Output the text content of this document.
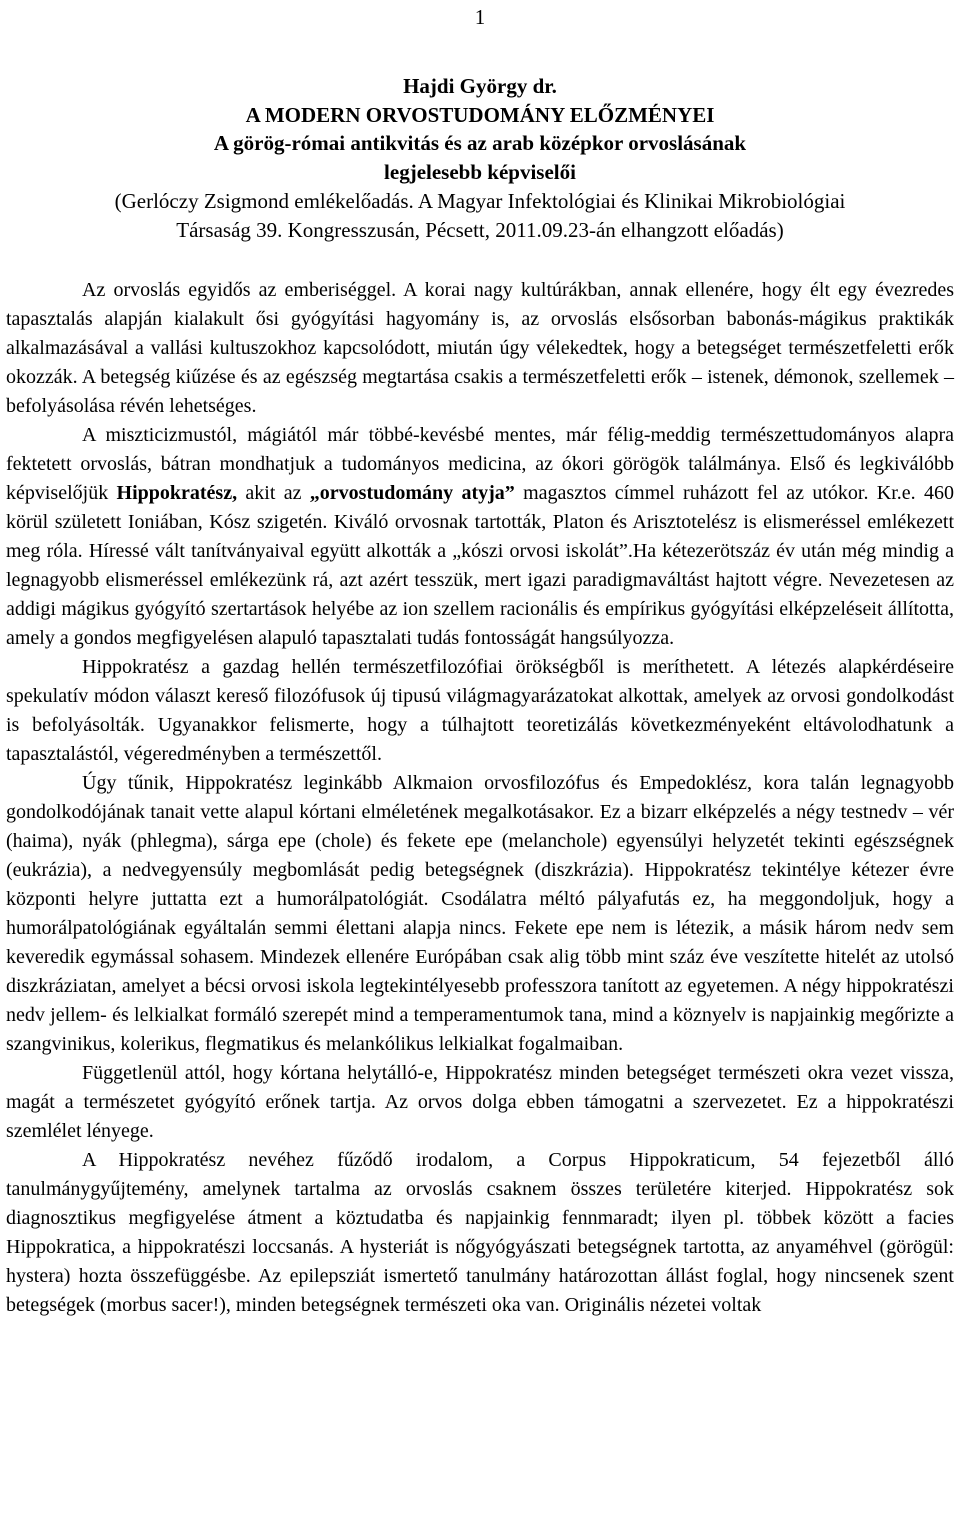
1
Hajdi György dr.
A MODERN ORVOSTUDOMÁNY ELŐZMÉNYEI
A görög-római antikvitás és az arab középkor orvoslásának
legjelesebb képviselői
(Gerlóczy Zsigmond emlékelőadás. A Magyar Infektológiai és Klinikai Mikrobiológiai
Társaság 39. Kongresszusán, Pécsett, 2011.09.23-án elhangzott előadás)

Az orvoslás egyidős az emberiséggel. A korai nagy kultúrákban, annak ellenére, hogy élt egy évezredes tapasztalás alapján kialakult ősi gyógyítási hagyomány is, az orvoslás elsősorban babonás-mágikus praktikák alkalmazásával a vallási kultuszokhoz kapcsolódott, miután úgy vélekedtek, hogy a betegséget természetfeletti erők okozzák. A betegség kiűzése és az egészség megtartása csakis a természetfeletti erők – istenek, démonok, szellemek – befolyásolása révén lehetséges.

A miszticizmustól, mágiától már többé-kevésbé mentes, már félig-meddig természettudományos alapra fektetett orvoslás, bátran mondhatjuk a tudományos medicina, az ókori görögök találmánya. Első és legkiválóbb képviselőjük Hippokratész, akit az „orvostudomány atyja” magasztos címmel ruházott fel az utókor. Kr.e. 460 körül született Ioniában, Kósz szigetén. Kiváló orvosnak tartották, Platon és Arisztotelész is elismeréssel emlékezett meg róla. Híressé vált tanítványaival együtt alkották a „kószi orvosi iskolát”.Ha kétezerötszáz év után még mindig a legnagyobb elismeréssel emlékezünk rá, azt azért tesszük, mert igazi paradigmaváltást hajtott végre. Nevezetesen az addigi mágikus gyógyító szertartások helyébe az ion szellem racionális és empírikus gyógyítási elképzeléseit állította, amely a gondos megfigyelésen alapuló tapasztalati tudás fontosságát hangsúlyozza.

Hippokratész a gazdag hellén természetfilozófiai örökségből is meríthetett. A létezés alapkérdéseire spekulatív módon választ kereső filozófusok új tipusú világmagyarázatokat alkottak, amelyek az orvosi gondolkodást is befolyásolták. Ugyanakkor felismerte, hogy a túlhajtott teoretizálás következményeként eltávolodhatunk a tapasztalástól, végeredményben a természettől.

Úgy tűnik, Hippokratész leginkább Alkmaion orvosfilozófus és Empedoklész, kora talán legnagyobb gondolkodójának tanait vette alapul kórtani elméletének megalkotásakor. Ez a bizarr elképzelés a négy testnedv – vér (haima), nyák (phlegma), sárga epe (chole) és fekete epe (melanchole) egyensúlyi helyzetét tekinti egészségnek (eukrázia), a nedvegyensúly megbomlását pedig betegségnek (diszkrázia). Hippokratész tekintélye kétezer évre központi helyre juttatta ezt a humorálpatológiát. Csodálatra méltó pályafutás ez, ha meggondoljuk, hogy a humorálpatológiának egyáltalán semmi élettani alapja nincs. Fekete epe nem is létezik, a másik három nedv sem keveredik egymással sohasem. Mindezek ellenére Európában csak alig több mint száz éve veszítette hitelét az utolsó diszkráziatan, amelyet a bécsi orvosi iskola legtekintélyesebb professzora tanított az egyetemen. A négy hippokratészi nedv jellem- és lelkialkat formáló szerepét mind a temperamentumok tana, mind a köznyelv is napjainkig megőrizte a szangvinikus, kolerikus, flegmatikus és melankólikus lelkialkat fogalmaiban.

Függetlenül attól, hogy kórtana helytálló-e, Hippokratész minden betegséget természeti okra vezet vissza, magát a természetet gyógyító erőnek tartja. Az orvos dolga ebben támogatni a szervezetet. Ez a hippokratészi szemlélet lényege.

A Hippokratész nevéhez fűződő irodalom, a Corpus Hippokraticum, 54 fejezetből álló tanulmánygyűjtemény, amelynek tartalma az orvoslás csaknem összes területére kiterjed. Hippokratész sok diagnosztikus megfigyelése átment a köztudatba és napjainkig fennmaradt; ilyen pl. többek között a facies Hippokratica, a hippokratészi loccsanás. A hysteriát is nőgyógyászati betegségnek tartotta, az anyaméhvel (görögül: hystera) hozta összefüggésbe. Az epilepsziát ismertető tanulmány határozottan állást foglal, hogy nincsenek szent betegségek (morbus sacer!), minden betegségnek természeti oka van. Originális nézetei voltak
